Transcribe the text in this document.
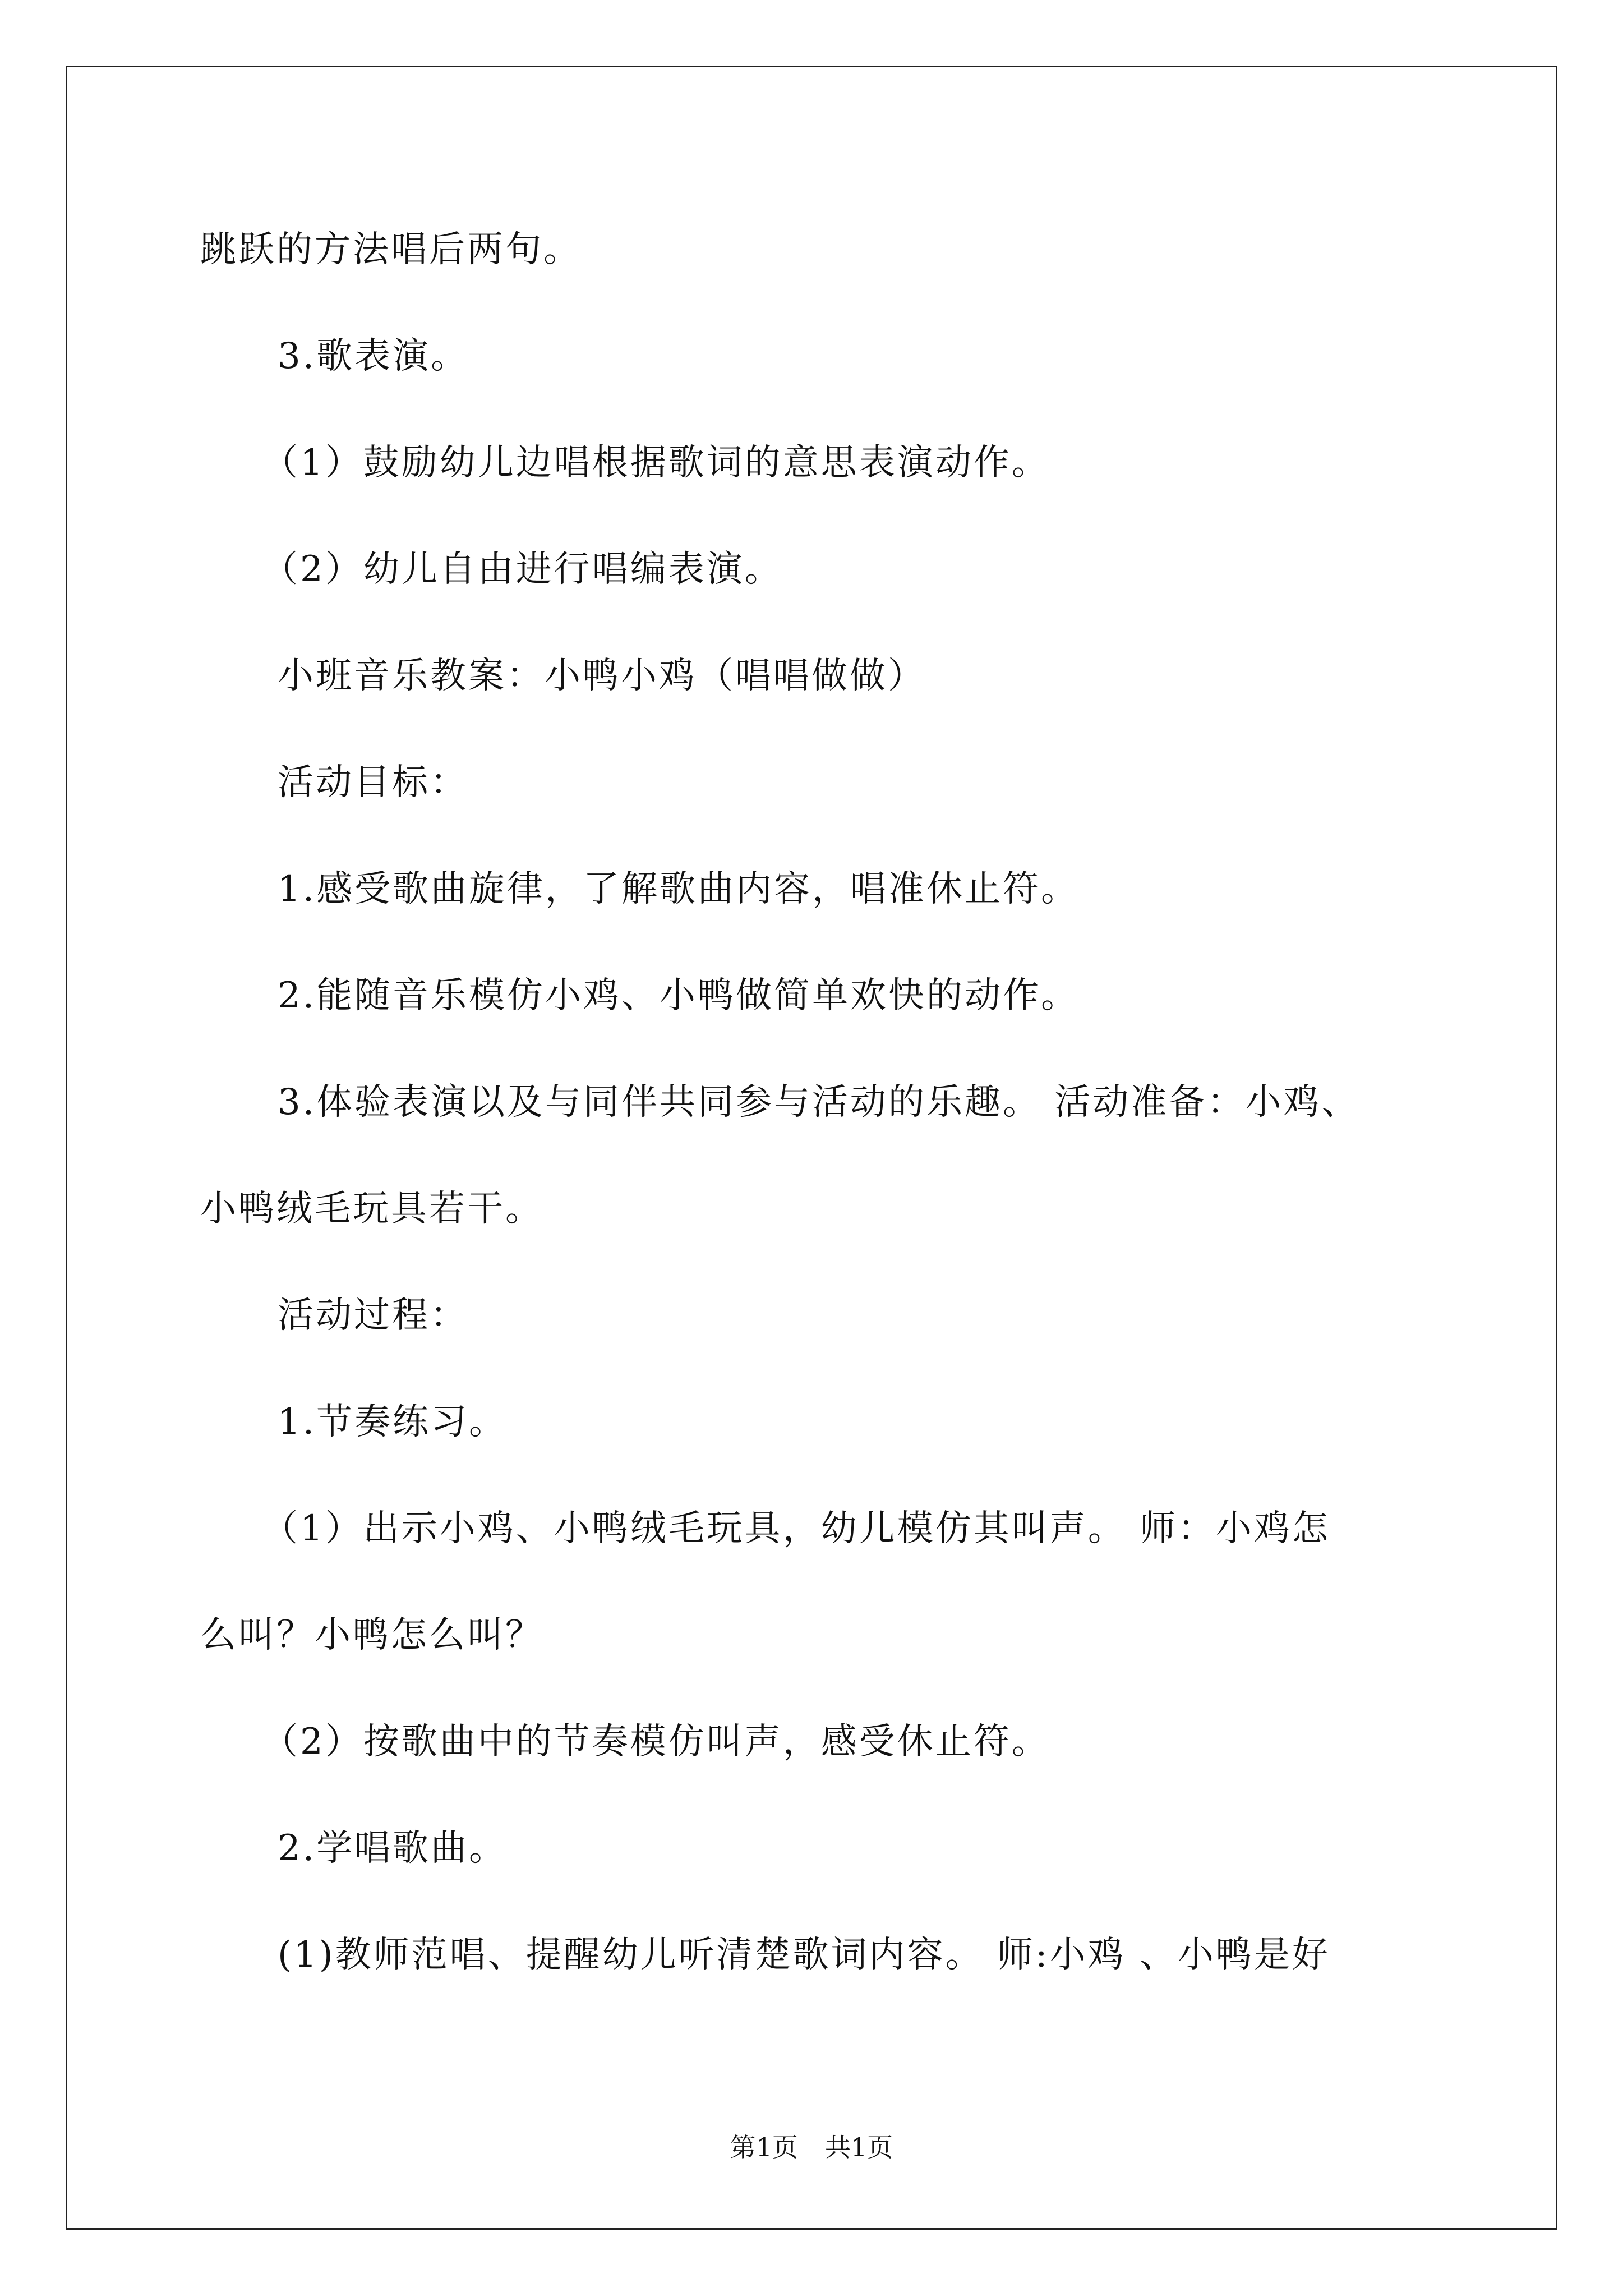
跳跃的方法唱后两句。
3.歌表演。
（1）鼓励幼儿边唱根据歌词的意思表演动作。
（2）幼儿自由进行唱编表演。
小班音乐教案：小鸭小鸡（唱唱做做）
活动目标：
1.感受歌曲旋律，了解歌曲内容，唱准休止符。
2.能随音乐模仿小鸡、小鸭做简单欢快的动作。
3.体验表演以及与同伴共同参与活动的乐趣。 活动准备：小鸡、
小鸭绒毛玩具若干。
活动过程：
1.节奏练习。
（1）出示小鸡、小鸭绒毛玩具，幼儿模仿其叫声。 师：小鸡怎
么叫？小鸭怎么叫？
（2）按歌曲中的节奏模仿叫声，感受休止符。
2.学唱歌曲。
(1)教师范唱、提醒幼儿听清楚歌词内容。 师:小鸡 、小鸭是好
第1页 共1页
